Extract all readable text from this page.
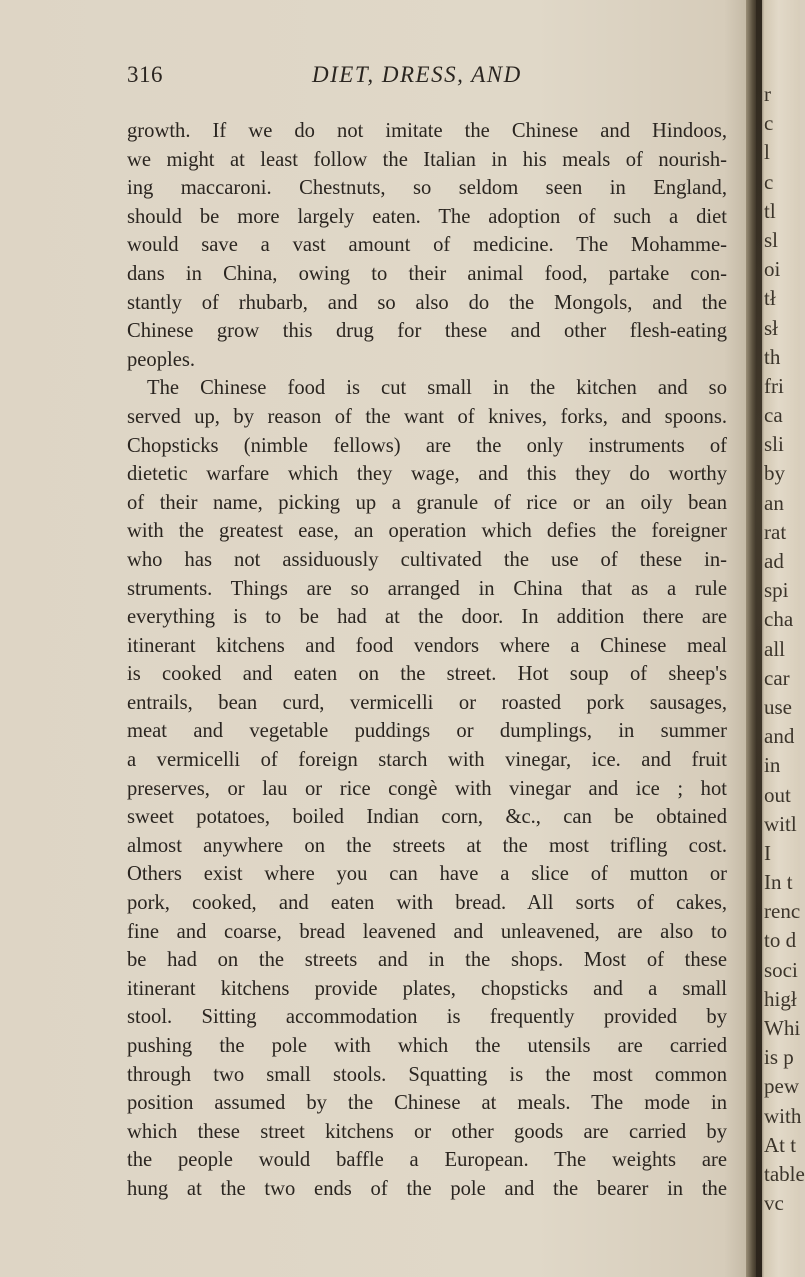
316	DIET, DRESS, AND
growth. If we do not imitate the Chinese and Hindoos,
we might at least follow the Italian in his meals of nourish-
ing maccaroni. Chestnuts, so seldom seen in England,
should be more largely eaten. The adoption of such a diet
would save a vast amount of medicine. The Mohamme-
dans in China, owing to their animal food, partake con-
stantly of rhubarb, and so also do the Mongols, and the
Chinese grow this drug for these and other flesh-eating
peoples.
The Chinese food is cut small in the kitchen and so
served up, by reason of the want of knives, forks, and spoons.
Chopsticks (nimble fellows) are the only instruments of
dietetic warfare which they wage, and this they do worthy
of their name, picking up a granule of rice or an oily bean
with the greatest ease, an operation which defies the foreigner
who has not assiduously cultivated the use of these in-
struments. Things are so arranged in China that as a rule
everything is to be had at the door. In addition there are
itinerant kitchens and food vendors where a Chinese meal
is cooked and eaten on the street. Hot soup of sheep's
entrails, bean curd, vermicelli or roasted pork sausages,
meat and vegetable puddings or dumplings, in summer
a vermicelli of foreign starch with vinegar, ice. and fruit
preserves, or lau or rice congè with vinegar and ice ; hot
sweet potatoes, boiled Indian corn, &c., can be obtained
almost anywhere on the streets at the most trifling cost.
Others exist where you can have a slice of mutton or
pork, cooked, and eaten with bread. All sorts of cakes,
fine and coarse, bread leavened and unleavened, are also to
be had on the streets and in the shops. Most of these
itinerant kitchens provide plates, chopsticks and a small
stool. Sitting accommodation is frequently provided by
pushing the pole with which the utensils are carried
through two small stools. Squatting is the most common
position assumed by the Chinese at meals. The mode in
which these street kitchens or other goods are carried by
the people would baffle a European. The weights are
hung at the two ends of the pole and the bearer in the
r
c
l
c
tl
sl
oi
tł
sł
th
fri
ca
sli
by
an
rat
ad
spi
cha
all
car
use
and
in
out
witl
I
In t
renc
to d
soci
higł
Whi
is p
pew
with
At t
table
vc
